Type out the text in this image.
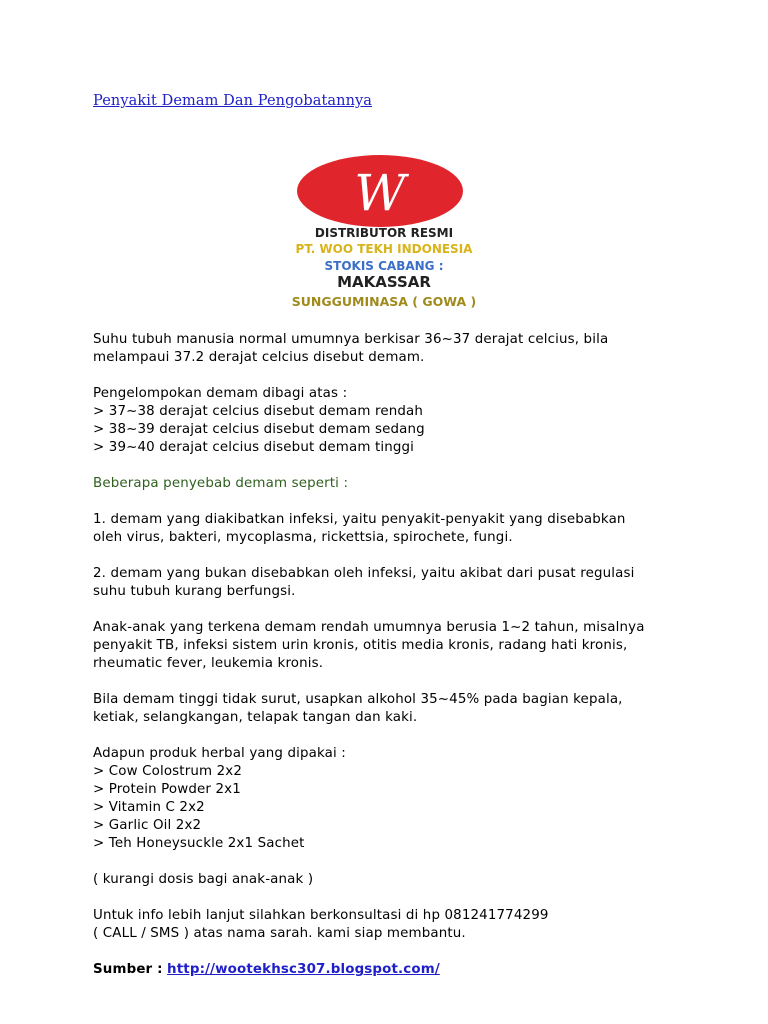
Penyakit Demam Dan Pengobatannya
W
DISTRIBUTOR RESMI
PT. WOO TEKH INDONESIA
STOKIS CABANG :
MAKASSAR
SUNGGUMINASA ( GOWA )
Suhu tubuh manusia normal umumnya berkisar 36~37 derajat celcius, bila
melampaui 37.2 derajat celcius disebut demam.
Pengelompokan demam dibagi atas :
> 37~38 derajat celcius disebut demam rendah
> 38~39 derajat celcius disebut demam sedang
> 39~40 derajat celcius disebut demam tinggi
Beberapa penyebab demam seperti :
1. demam yang diakibatkan infeksi, yaitu penyakit-penyakit yang disebabkan
oleh virus, bakteri, mycoplasma, rickettsia, spirochete, fungi.
2. demam yang bukan disebabkan oleh infeksi, yaitu akibat dari pusat regulasi
suhu tubuh kurang berfungsi.
Anak-anak yang terkena demam rendah umumnya berusia 1~2 tahun, misalnya
penyakit TB, infeksi sistem urin kronis, otitis media kronis, radang hati kronis,
rheumatic fever, leukemia kronis.
Bila demam tinggi tidak surut, usapkan alkohol 35~45% pada bagian kepala,
ketiak, selangkangan, telapak tangan dan kaki.
Adapun produk herbal yang dipakai :
> Cow Colostrum 2x2
> Protein Powder 2x1
> Vitamin C 2x2
> Garlic Oil 2x2
> Teh Honeysuckle 2x1 Sachet
( kurangi dosis bagi anak-anak )
Untuk info lebih lanjut silahkan berkonsultasi di hp 081241774299
( CALL / SMS ) atas nama sarah. kami siap membantu.
Sumber : http://wootekhsc307.blogspot.com/
